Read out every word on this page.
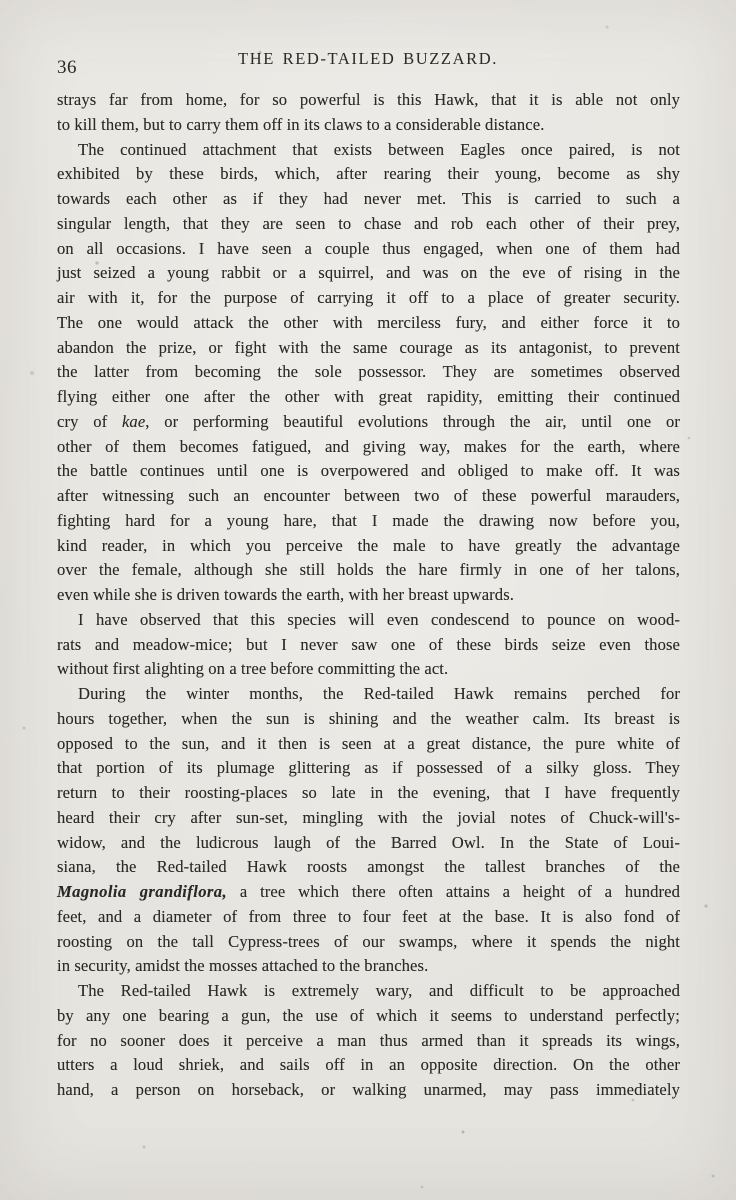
36	THE RED-TAILED BUZZARD.
strays far from home, for so powerful is this Hawk, that it is able not only
to kill them, but to carry them off in its claws to a considerable distance.
The continued attachment that exists between Eagles once paired, is not
exhibited by these birds, which, after rearing their young, become as shy
towards each other as if they had never met. This is carried to such a
singular length, that they are seen to chase and rob each other of their prey,
on all occasions. I have seen a couple thus engaged, when one of them had
just seized a young rabbit or a squirrel, and was on the eve of rising in the
air with it, for the purpose of carrying it off to a place of greater security.
The one would attack the other with merciless fury, and either force it to
abandon the prize, or fight with the same courage as its antagonist, to prevent
the latter from becoming the sole possessor. They are sometimes observed
flying either one after the other with great rapidity, emitting their continued
cry of kae, or performing beautiful evolutions through the air, until one or
other of them becomes fatigued, and giving way, makes for the earth, where
the battle continues until one is overpowered and obliged to make off. It was
after witnessing such an encounter between two of these powerful marauders,
fighting hard for a young hare, that I made the drawing now before you,
kind reader, in which you perceive the male to have greatly the advantage
over the female, although she still holds the hare firmly in one of her talons,
even while she is driven towards the earth, with her breast upwards.
I have observed that this species will even condescend to pounce on wood-
rats and meadow-mice; but I never saw one of these birds seize even those
without first alighting on a tree before committing the act.
During the winter months, the Red-tailed Hawk remains perched for
hours together, when the sun is shining and the weather calm. Its breast is
opposed to the sun, and it then is seen at a great distance, the pure white of
that portion of its plumage glittering as if possessed of a silky gloss. They
return to their roosting-places so late in the evening, that I have frequently
heard their cry after sun-set, mingling with the jovial notes of Chuck-will's-
widow, and the ludicrous laugh of the Barred Owl. In the State of Loui-
siana, the Red-tailed Hawk roosts amongst the tallest branches of the
Magnolia grandiflora, a tree which there often attains a height of a hundred
feet, and a diameter of from three to four feet at the base. It is also fond of
roosting on the tall Cypress-trees of our swamps, where it spends the night
in security, amidst the mosses attached to the branches.
The Red-tailed Hawk is extremely wary, and difficult to be approached
by any one bearing a gun, the use of which it seems to understand perfectly;
for no sooner does it perceive a man thus armed than it spreads its wings,
utters a loud shriek, and sails off in an opposite direction. On the other
hand, a person on horseback, or walking unarmed, may pass immediately
